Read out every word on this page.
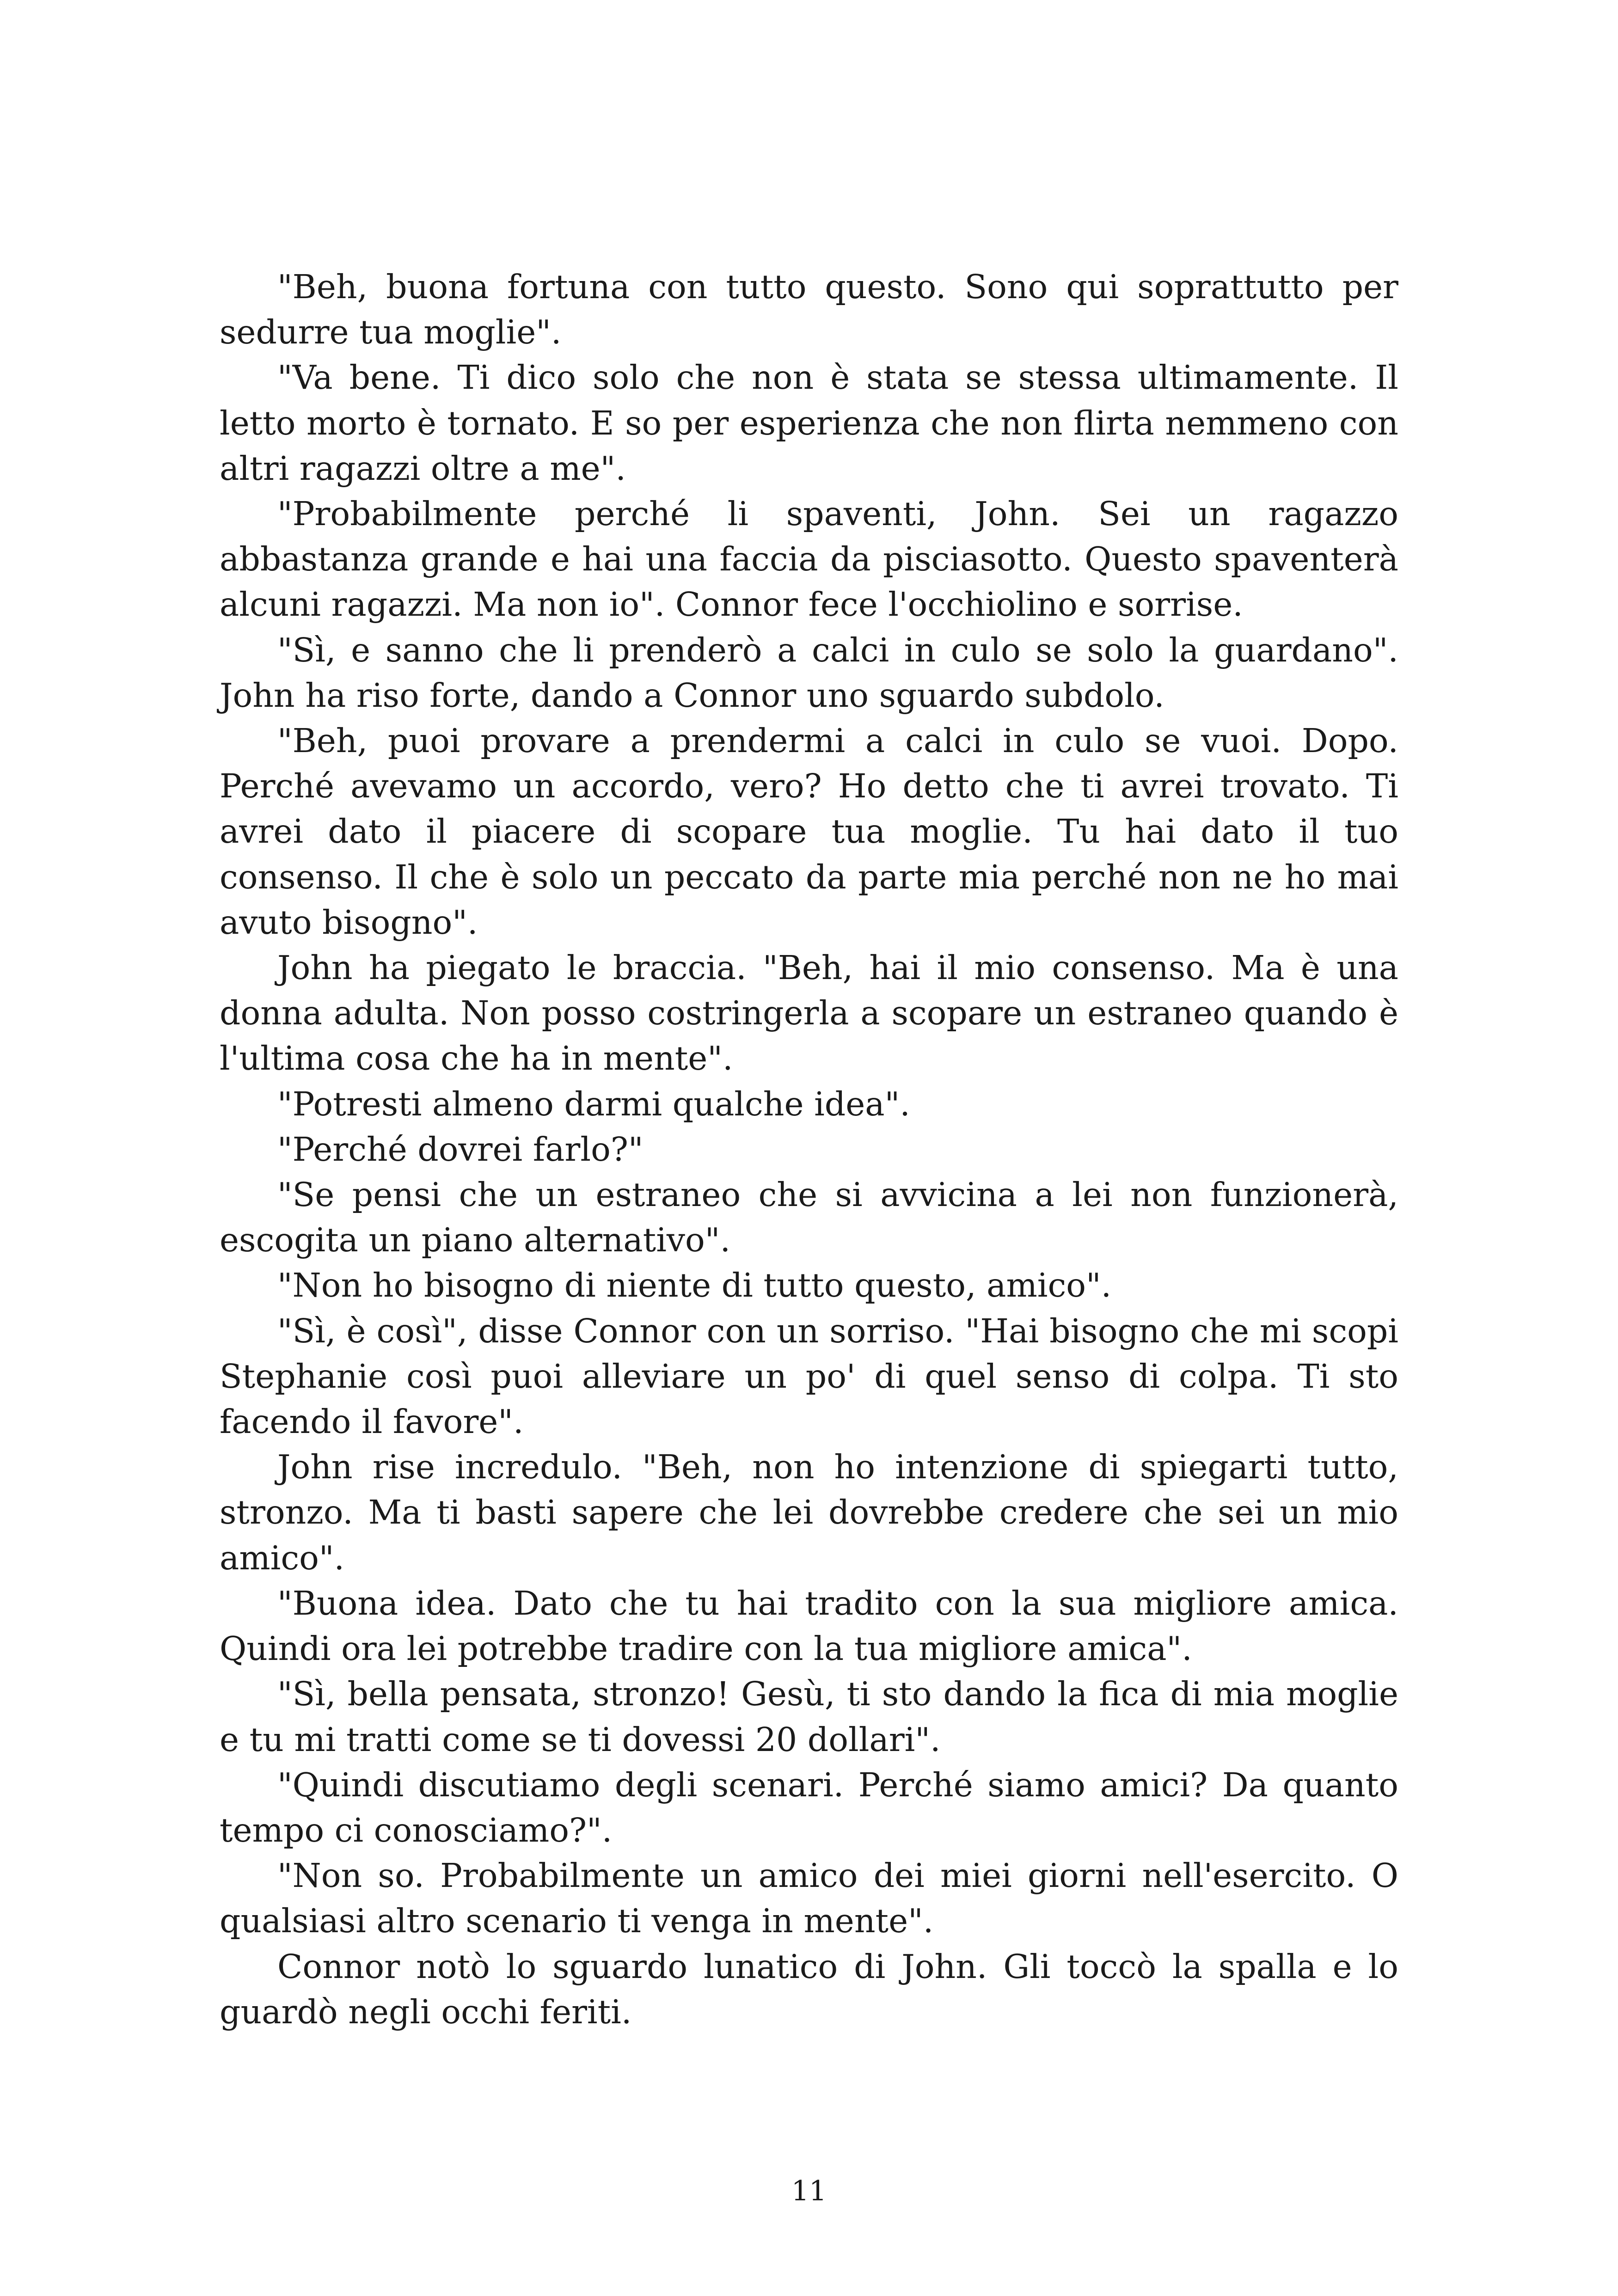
"Beh, buona fortuna con tutto questo. Sono qui soprattutto per sedurre tua moglie".

"Va bene. Ti dico solo che non è stata se stessa ultimamente. Il letto morto è tornato. E so per esperienza che non flirta nemmeno con altri ragazzi oltre a me".

"Probabilmente perché li spaventi, John. Sei un ragazzo abbastanza grande e hai una faccia da pisciasotto. Questo spaventerà alcuni ragazzi. Ma non io". Connor fece l'occhiolino e sorrise.

"Sì, e sanno che li prenderò a calci in culo se solo la guardano". John ha riso forte, dando a Connor uno sguardo subdolo.

"Beh, puoi provare a prendermi a calci in culo se vuoi. Dopo. Perché avevamo un accordo, vero? Ho detto che ti avrei trovato. Ti avrei dato il piacere di scopare tua moglie. Tu hai dato il tuo consenso. Il che è solo un peccato da parte mia perché non ne ho mai avuto bisogno".

John ha piegato le braccia. "Beh, hai il mio consenso. Ma è una donna adulta. Non posso costringerla a scopare un estraneo quando è l'ultima cosa che ha in mente".

"Potresti almeno darmi qualche idea".

"Perché dovrei farlo?"

"Se pensi che un estraneo che si avvicina a lei non funzionerà, escogita un piano alternativo".

"Non ho bisogno di niente di tutto questo, amico".

"Sì, è così", disse Connor con un sorriso. "Hai bisogno che mi scopi Stephanie così puoi alleviare un po' di quel senso di colpa. Ti sto facendo il favore".

John rise incredulo. "Beh, non ho intenzione di spiegarti tutto, stronzo. Ma ti basti sapere che lei dovrebbe credere che sei un mio amico".

"Buona idea. Dato che tu hai tradito con la sua migliore amica. Quindi ora lei potrebbe tradire con la tua migliore amica".

"Sì, bella pensata, stronzo! Gesù, ti sto dando la fica di mia moglie e tu mi tratti come se ti dovessi 20 dollari".

"Quindi discutiamo degli scenari. Perché siamo amici? Da quanto tempo ci conosciamo?".

"Non so. Probabilmente un amico dei miei giorni nell'esercito. O qualsiasi altro scenario ti venga in mente".

Connor notò lo sguardo lunatico di John. Gli toccò la spalla e lo guardò negli occhi feriti.

11
